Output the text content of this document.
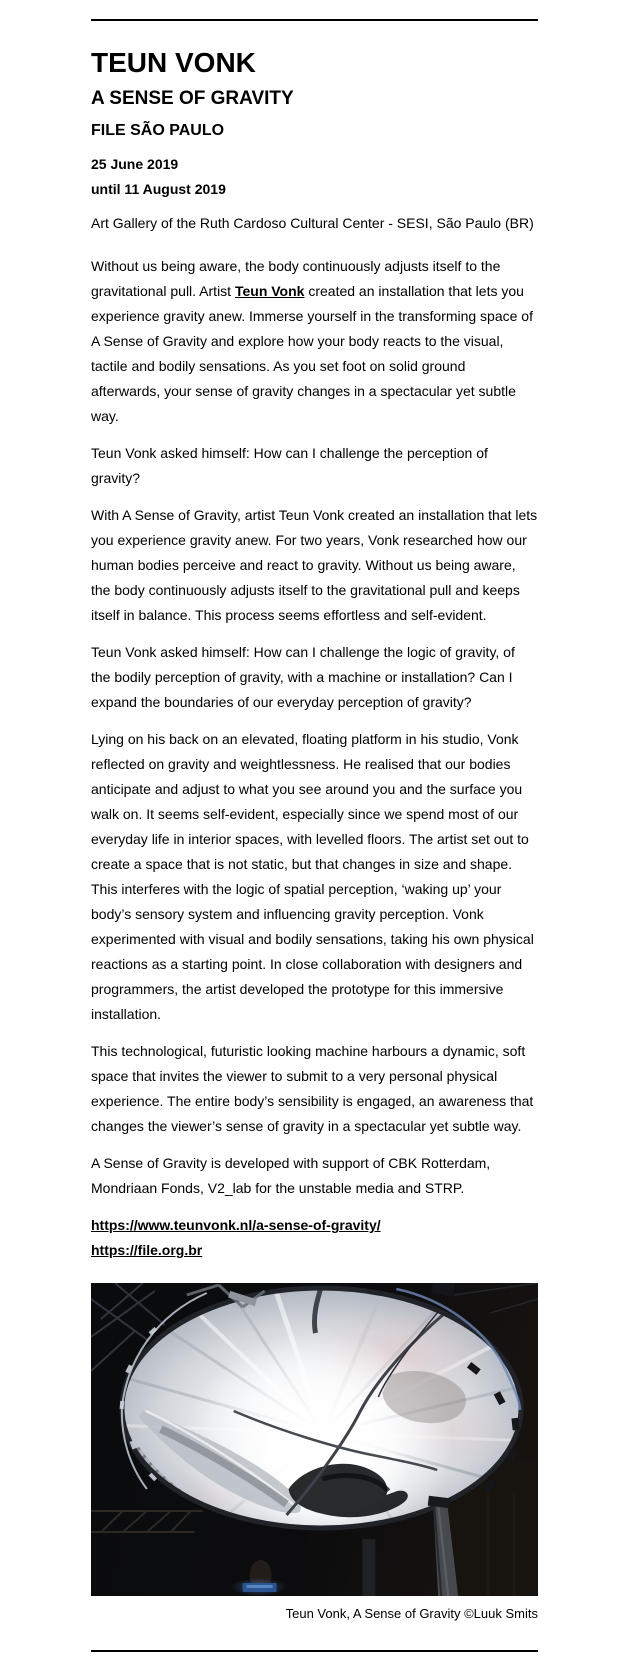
TEUN VONK
A SENSE OF GRAVITY
FILE SÃO PAULO

25 June 2019
until 11 August 2019

Art Gallery of the Ruth Cardoso Cultural Center - SESI, São Paulo (BR)

Without us being aware, the body continuously adjusts itself to the gravitational pull. Artist Teun Vonk created an installation that lets you experience gravity anew. Immerse yourself in the transforming space of A Sense of Gravity and explore how your body reacts to the visual, tactile and bodily sensations. As you set foot on solid ground afterwards, your sense of gravity changes in a spectacular yet subtle way.

Teun Vonk asked himself: How can I challenge the perception of gravity?

With A Sense of Gravity, artist Teun Vonk created an installation that lets you experience gravity anew. For two years, Vonk researched how our human bodies perceive and react to gravity. Without us being aware, the body continuously adjusts itself to the gravitational pull and keeps itself in balance. This process seems effortless and self-evident.

Teun Vonk asked himself: How can I challenge the logic of gravity, of the bodily perception of gravity, with a machine or installation? Can I expand the boundaries of our everyday perception of gravity?

Lying on his back on an elevated, floating platform in his studio, Vonk reflected on gravity and weightlessness. He realised that our bodies anticipate and adjust to what you see around you and the surface you walk on. It seems self-evident, especially since we spend most of our everyday life in interior spaces, with levelled floors. The artist set out to create a space that is not static, but that changes in size and shape. This interferes with the logic of spatial perception, ‘waking up’ your body’s sensory system and influencing gravity perception. Vonk experimented with visual and bodily sensations, taking his own physical reactions as a starting point. In close collaboration with designers and programmers, the artist developed the prototype for this immersive installation.

This technological, futuristic looking machine harbours a dynamic, soft space that invites the viewer to submit to a very personal physical experience. The entire body’s sensibility is engaged, an awareness that changes the viewer’s sense of gravity in a spectacular yet subtle way.

A Sense of Gravity is developed with support of CBK Rotterdam, Mondriaan Fonds, V2_lab for the unstable media and STRP.

https://www.teunvonk.nl/a-sense-of-gravity/
https://file.org.br

Teun Vonk, A Sense of Gravity ©Luuk Smits
